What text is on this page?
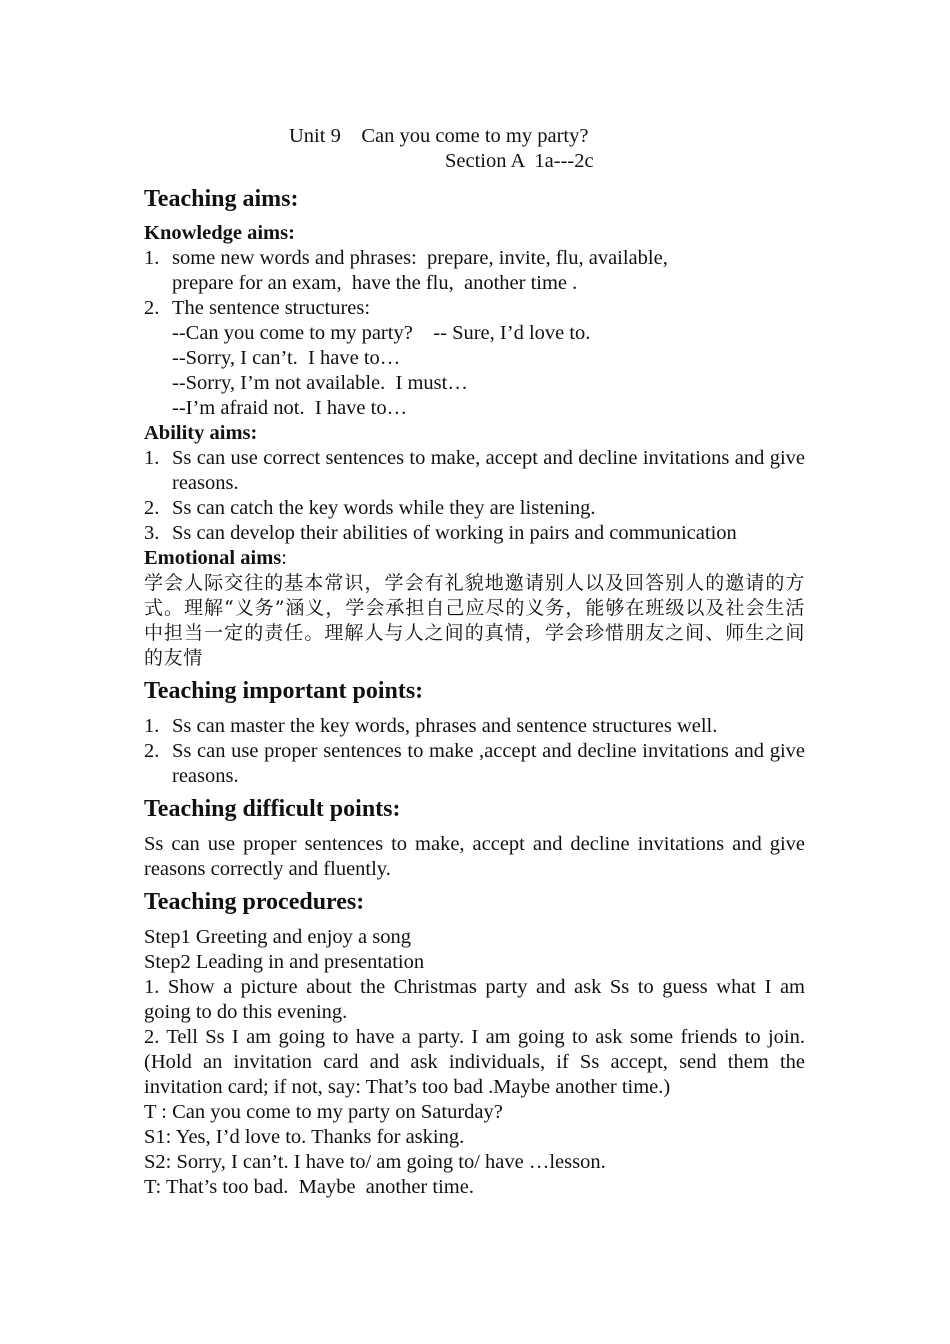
Unit 9    Can you come to my party?
Section A  1a---2c
Teaching aims:
Knowledge aims:
1. some new words and phrases:  prepare, invite, flu, available,
prepare for an exam,  have the flu,  another time .
2. The sentence structures:
--Can you come to my party?    -- Sure, I’d love to.
--Sorry, I can’t.  I have to…
--Sorry, I’m not available.  I must…
--I’m afraid not.  I have to…
Ability aims:
1. Ss can use correct sentences to make, accept and decline invitations and give reasons.
2. Ss can catch the key words while they are listening.
3. Ss can develop their abilities of working in pairs and communication
Emotional aims:

学会人际交往的基本常识，学会有礼貌地邀请别人以及回答别人的邀请的方式。理解“义务”涵义，学会承担自己应尽的义务，能够在班级以及社会生活中担当一定的责任。理解人与人之间的真情，学会珍惜朋友之间、师生之间的友情

Teaching important points:
1. Ss can master the key words, phrases and sentence structures well.
2. Ss can use proper sentences to make ,accept and decline invitations and give reasons.
Teaching difficult points:

Ss can use proper sentences to make, accept and decline invitations and give reasons correctly and fluently.

Teaching procedures:
Step1 Greeting and enjoy a song
Step2 Leading in and presentation

1. Show a picture about the Christmas party and ask Ss to guess what I am going to do this evening.

2. Tell Ss I am going to have a party. I am going to ask some friends to join. (Hold an invitation card and ask individuals, if Ss accept, send them the invitation card; if not, say: That’s too bad .Maybe another time.)

T : Can you come to my party on Saturday?
S1: Yes, I’d love to. Thanks for asking.
S2: Sorry, I can’t. I have to/ am going to/ have …lesson.
T: That’s too bad.  Maybe  another time.
